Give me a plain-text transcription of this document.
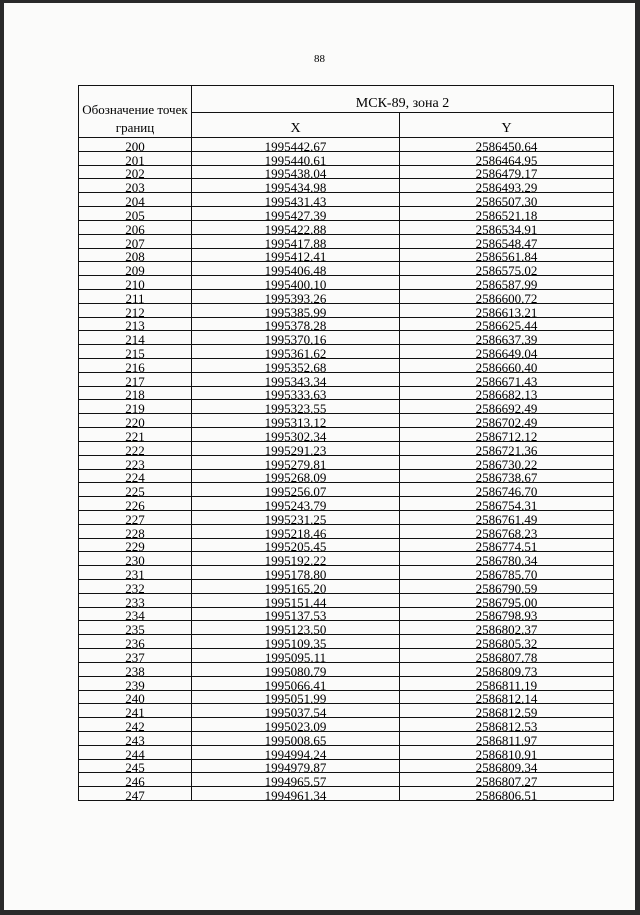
88
Обозначение точек границ	МСК-89, зона 2	
	X	Y
200	1995442.67	2586450.64
201	1995440.61	2586464.95
202	1995438.04	2586479.17
203	1995434.98	2586493.29
204	1995431.43	2586507.30
205	1995427.39	2586521.18
206	1995422.88	2586534.91
207	1995417.88	2586548.47
208	1995412.41	2586561.84
209	1995406.48	2586575.02
210	1995400.10	2586587.99
211	1995393.26	2586600.72
212	1995385.99	2586613.21
213	1995378.28	2586625.44
214	1995370.16	2586637.39
215	1995361.62	2586649.04
216	1995352.68	2586660.40
217	1995343.34	2586671.43
218	1995333.63	2586682.13
219	1995323.55	2586692.49
220	1995313.12	2586702.49
221	1995302.34	2586712.12
222	1995291.23	2586721.36
223	1995279.81	2586730.22
224	1995268.09	2586738.67
225	1995256.07	2586746.70
226	1995243.79	2586754.31
227	1995231.25	2586761.49
228	1995218.46	2586768.23
229	1995205.45	2586774.51
230	1995192.22	2586780.34
231	1995178.80	2586785.70
232	1995165.20	2586790.59
233	1995151.44	2586795.00
234	1995137.53	2586798.93
235	1995123.50	2586802.37
236	1995109.35	2586805.32
237	1995095.11	2586807.78
238	1995080.79	2586809.73
239	1995066.41	2586811.19
240	1995051.99	2586812.14
241	1995037.54	2586812.59
242	1995023.09	2586812.53
243	1995008.65	2586811.97
244	1994994.24	2586810.91
245	1994979.87	2586809.34
246	1994965.57	2586807.27
247	1994961.34	2586806.51
